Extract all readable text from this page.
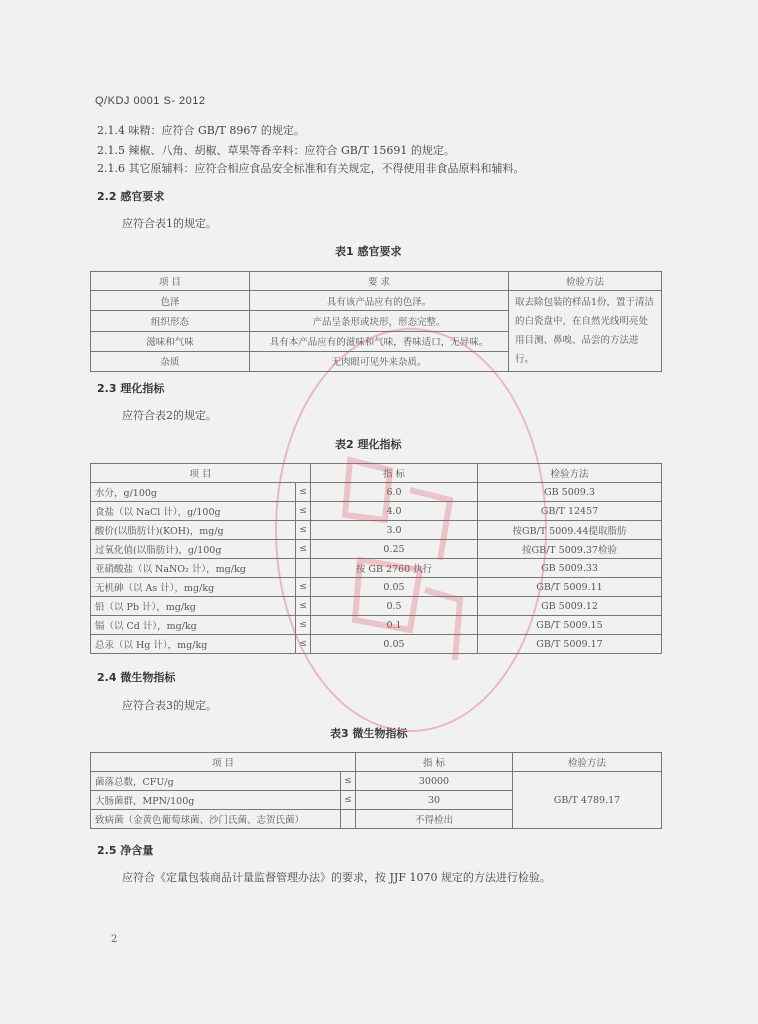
Q/KDJ 0001 S- 2012
2.1.4 味精：应符合 GB/T 8967 的规定。
2.1.5 辣椒、八角、胡椒、草果等香辛料：应符合 GB/T 15691 的规定。
2.1.6 其它原辅料：应符合相应食品安全标准和有关规定，不得使用非食品原料和辅料。
2.2 感官要求
应符合表1的规定。
表1 感官要求
项 目	要 求	检验方法
色泽	具有该产品应有的色泽。	取去除包装的样品1份，置于清洁的白瓷盘中，在自然光线明亮处用目测、鼻嗅、品尝的方法进行。
组织形态	产品呈条形或块形，形态完整。	
滋味和气味	具有本产品应有的滋味和气味，香味适口，无异味。	
杂质	无肉眼可见外来杂质。	
2.3 理化指标
应符合表2的规定。
表2 理化指标
项 目		指 标	检验方法
水分，g/100g	≤	6.0	GB 5009.3
食盐（以 NaCl 计），g/100g	≤	4.0	GB/T 12457
酸价(以脂肪计)(KOH)，mg/g	≤	3.0	按GB/T 5009.44提取脂肪
过氧化值(以脂肪计)，g/100g	≤	0.25	按GB/T 5009.37检验
亚硝酸盐（以 NaNO₂ 计），mg/kg		按 GB 2760 执行	GB 5009.33
无机砷（以 As 计），mg/kg	≤	0.05	GB/T 5009.11
铅（以 Pb 计），mg/kg	≤	0.5	GB 5009.12
镉（以 Cd 计），mg/kg	≤	0.1	GB/T 5009.15
总汞（以 Hg 计），mg/kg	≤	0.05	GB/T 5009.17
2.4 微生物指标
应符合表3的规定。
表3 微生物指标
项 目		指 标	检验方法
菌落总数，CFU/g	≤	30000	GB/T 4789.17
大肠菌群，MPN/100g	≤	30	
致病菌（金黄色葡萄球菌、沙门氏菌、志贺氏菌）		不得检出	
2.5 净含量
应符合《定量包装商品计量监督管理办法》的要求，按 JJF 1070 规定的方法进行检验。
2
